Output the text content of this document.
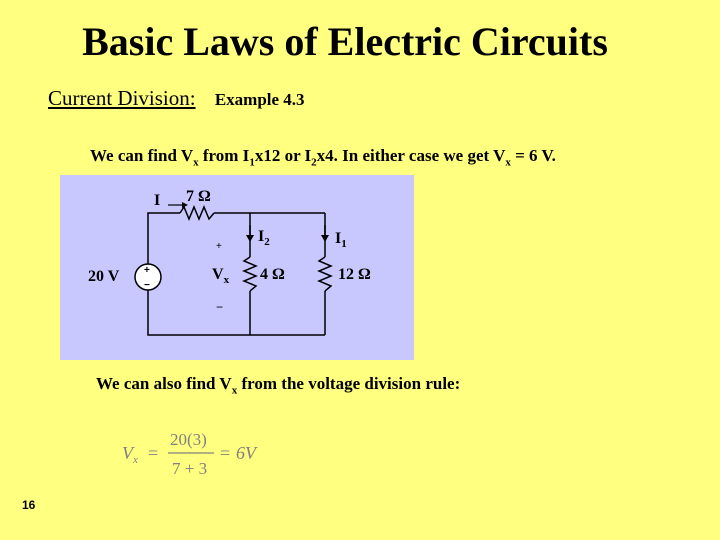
Basic Laws of Electric Circuits
Current Division: Example 4.3
We can find $V_x$ from $I_1x12$ or $I_2x4$. In either case we get $V_x = 6$ V.
+
−
20 V
I 7 Ω
+
$V_x$
−
4 Ω	12 Ω
$I_2$	$I_1$
We can also find $V_x$ from the voltage division rule:
$V_x$ =
20(3)
7 + 3
= 6V
16
